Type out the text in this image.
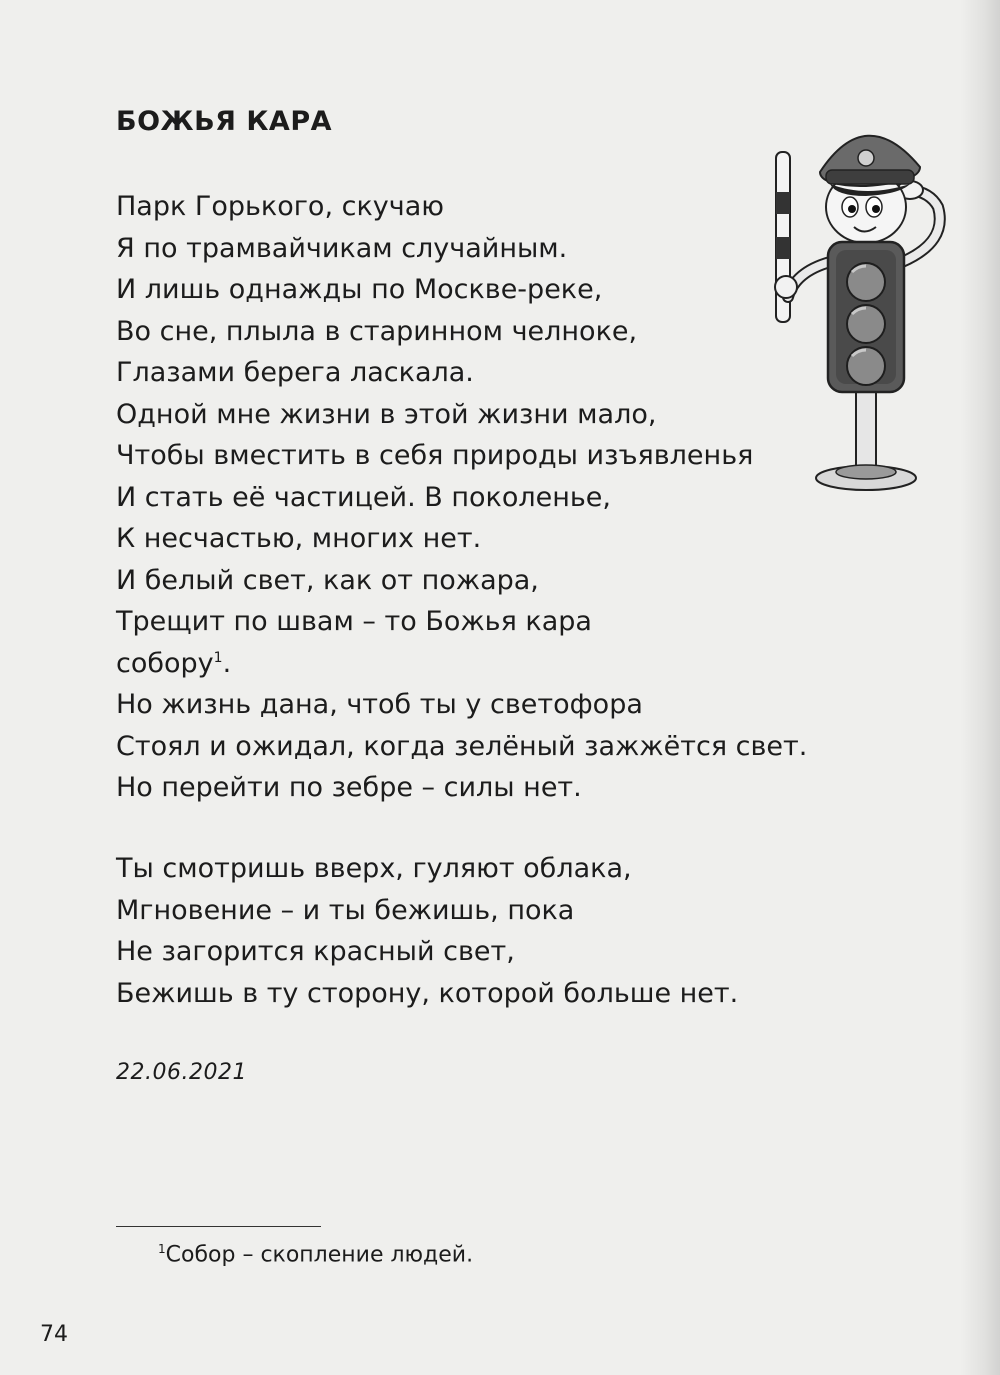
БОЖЬЯ КАРА
Парк Горького, скучаю
Я по трамвайчикам случайным.
И лишь однажды по Москве-реке,
Во сне, плыла в старинном челноке,
Глазами берега ласкала.
Одной мне жизни в этой жизни мало,
Чтобы вместить в себя природы изъявленья
И стать её частицей. В поколенье,
К несчастью, многих нет.
И белый свет, как от пожара,
Трещит по швам – то Божья кара
собору$^1$.
Но жизнь дана, чтоб ты у светофора
Стоял и ожидал, когда зелёный зажжётся свет.
Но перейти по зебре – силы нет.
Ты смотришь вверх, гуляют облака,
Мгновение – и ты бежишь, пока
Не загорится красный свет,
Бежишь в ту сторону, которой больше нет.
22.06.2021
$^1$Собор – скопление людей.
74
